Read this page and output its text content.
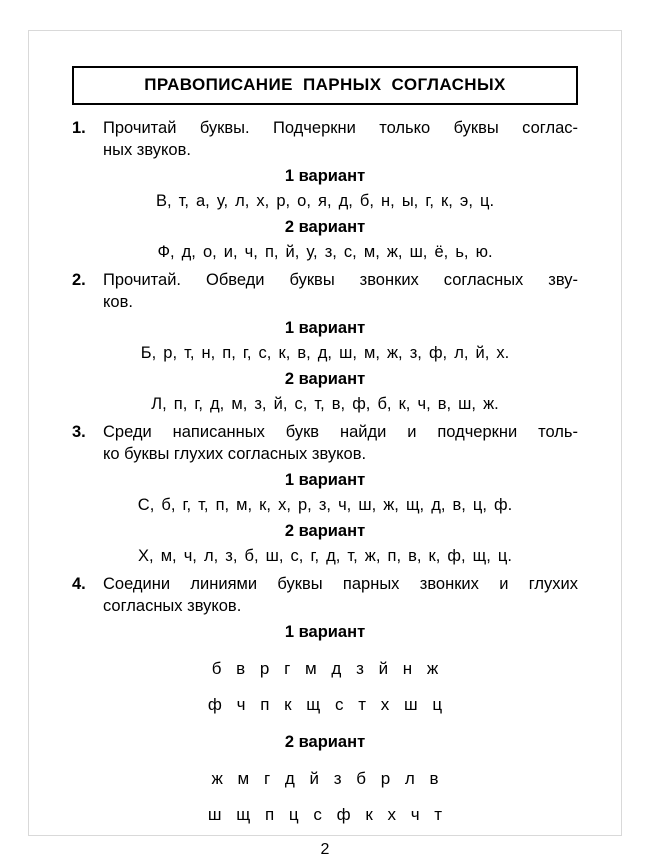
ПРАВОПИСАНИЕ ПАРНЫХ СОГЛАСНЫХ
1.	Прочитай буквы. Подчеркни только буквы соглас-
ных звуков.
1 вариант
В, т, а, у, л, х, р, о, я, д, б, н, ы, г, к, э, ц.
2 вариант
Ф, д, о, и, ч, п, й, у, з, с, м, ж, ш, ё, ь, ю.
2.	Прочитай. Обведи буквы звонких согласных зву-
ков.
1 вариант
Б, р, т, н, п, г, с, к, в, д, ш, м, ж, з, ф, л, й, х.
2 вариант
Л, п, г, д, м, з, й, с, т, в, ф, б, к, ч, в, ш, ж.
3.	Среди написанных букв найди и подчеркни толь-
ко буквы глухих согласных звуков.
1 вариант
С, б, г, т, п, м, к, х, р, з, ч, ш, ж, щ, д, в, ц, ф.
2 вариант
Х, м, ч, л, з, б, ш, с, г, д, т, ж, п, в, к, ф, щ, ц.
4.	Соедини линиями буквы парных звонких и глухих
согласных звуков.
1 вариант
б в р г м д з й н ж
ф ч п к щ с т х ш ц
2 вариант
ж м г д й з б р л в
ш щ п ц с ф к х ч т
2
